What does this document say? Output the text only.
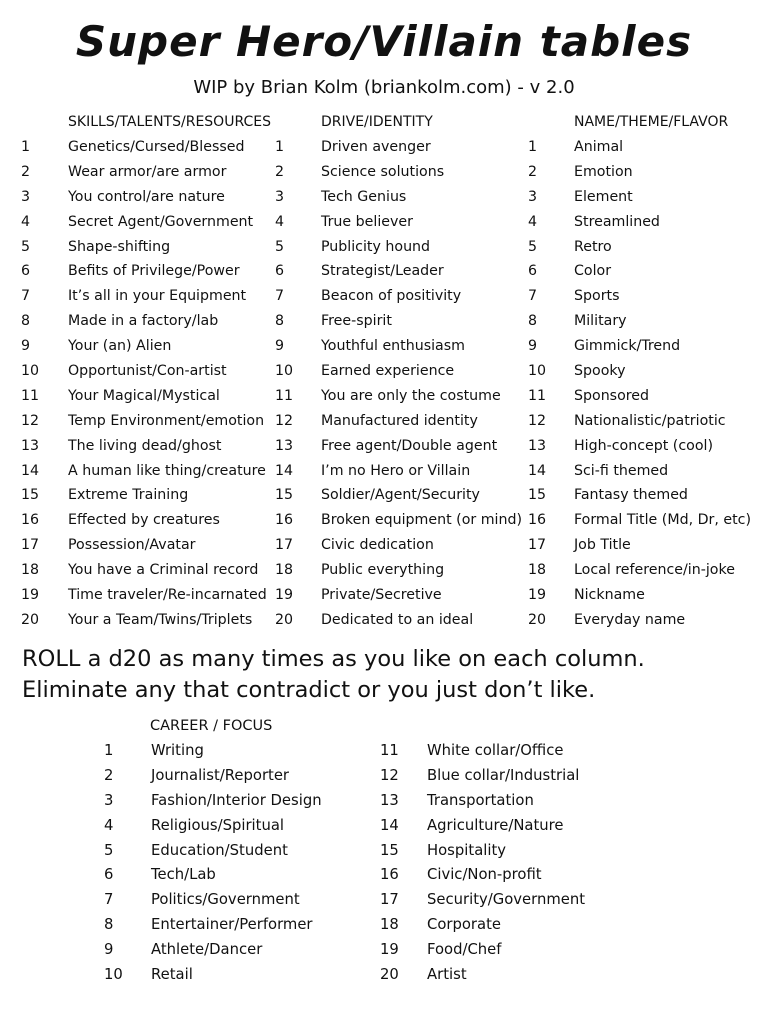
Super Hero/Villain tables
WIP by Brian Kolm (briankolm.com) - v 2.0
SKILLS/TALENTS/RESOURCES	DRIVE/IDENTITY	NAME/THEME/FLAVOR
1	Genetics/Cursed/Blessed 1	Driven avenger	1	Animal
2	Wear armor/are armor	2	Science solutions	2	Emotion
3	You control/are nature	3	Tech Genius	3	Element
4	Secret Agent/Government 4	True believer	4	Streamlined
5	Shape-shifting	5	Publicity hound	5	Retro
6	Befits of Privilege/Power 6	Strategist/Leader	6	Color
7	It’s all in your Equipment 7	Beacon of positivity	7	Sports
8	Made in a factory/lab	8	Free-spirit	8	Military
9	Your (an) Alien	9	Youthful enthusiasm	9	Gimmick/Trend
10 Opportunist/Con-artist	10 Earned experience	10 Spooky
11 Your Magical/Mystical	11 You are only the costume 11 Sponsored
12 Temp Environment/emotion 12 Manufactured identity	12 Nationalistic/patriotic
13 The living dead/ghost	13 Free agent/Double agent 13 High-concept (cool)
14 A human like thing/creature 14 I’m no Hero or Villain	14 Sci-fi themed
15 Extreme Training	15 Soldier/Agent/Security	15 Fantasy themed
16 Effected by creatures	16 Broken equipment (or mind) 16 Formal Title (Md, Dr, etc)
17 Possession/Avatar	17 Civic dedication	17 Job Title
18 You have a Criminal record 18 Public everything	18 Local reference/in-joke
19 Time traveler/Re-incarnated 19 Private/Secretive	19 Nickname
20 Your a Team/Twins/Triplets 20 Dedicated to an ideal	20 Everyday name
ROLL a d20 as many times as you like on each column. Eliminate any that contradict or you just don’t like.
CAREER / FOCUS
1	Writing	11 White collar/Office
2	Journalist/Reporter	12 Blue collar/Industrial
3	Fashion/Interior Design	13 Transportation
4	Religious/Spiritual	14 Agriculture/Nature
5	Education/Student	15 Hospitality
6	Tech/Lab	16 Civic/Non-profit
7	Politics/Government	17 Security/Government
8	Entertainer/Performer	18 Corporate
9	Athlete/Dancer	19 Food/Chef
10 Retail	20 Artist
